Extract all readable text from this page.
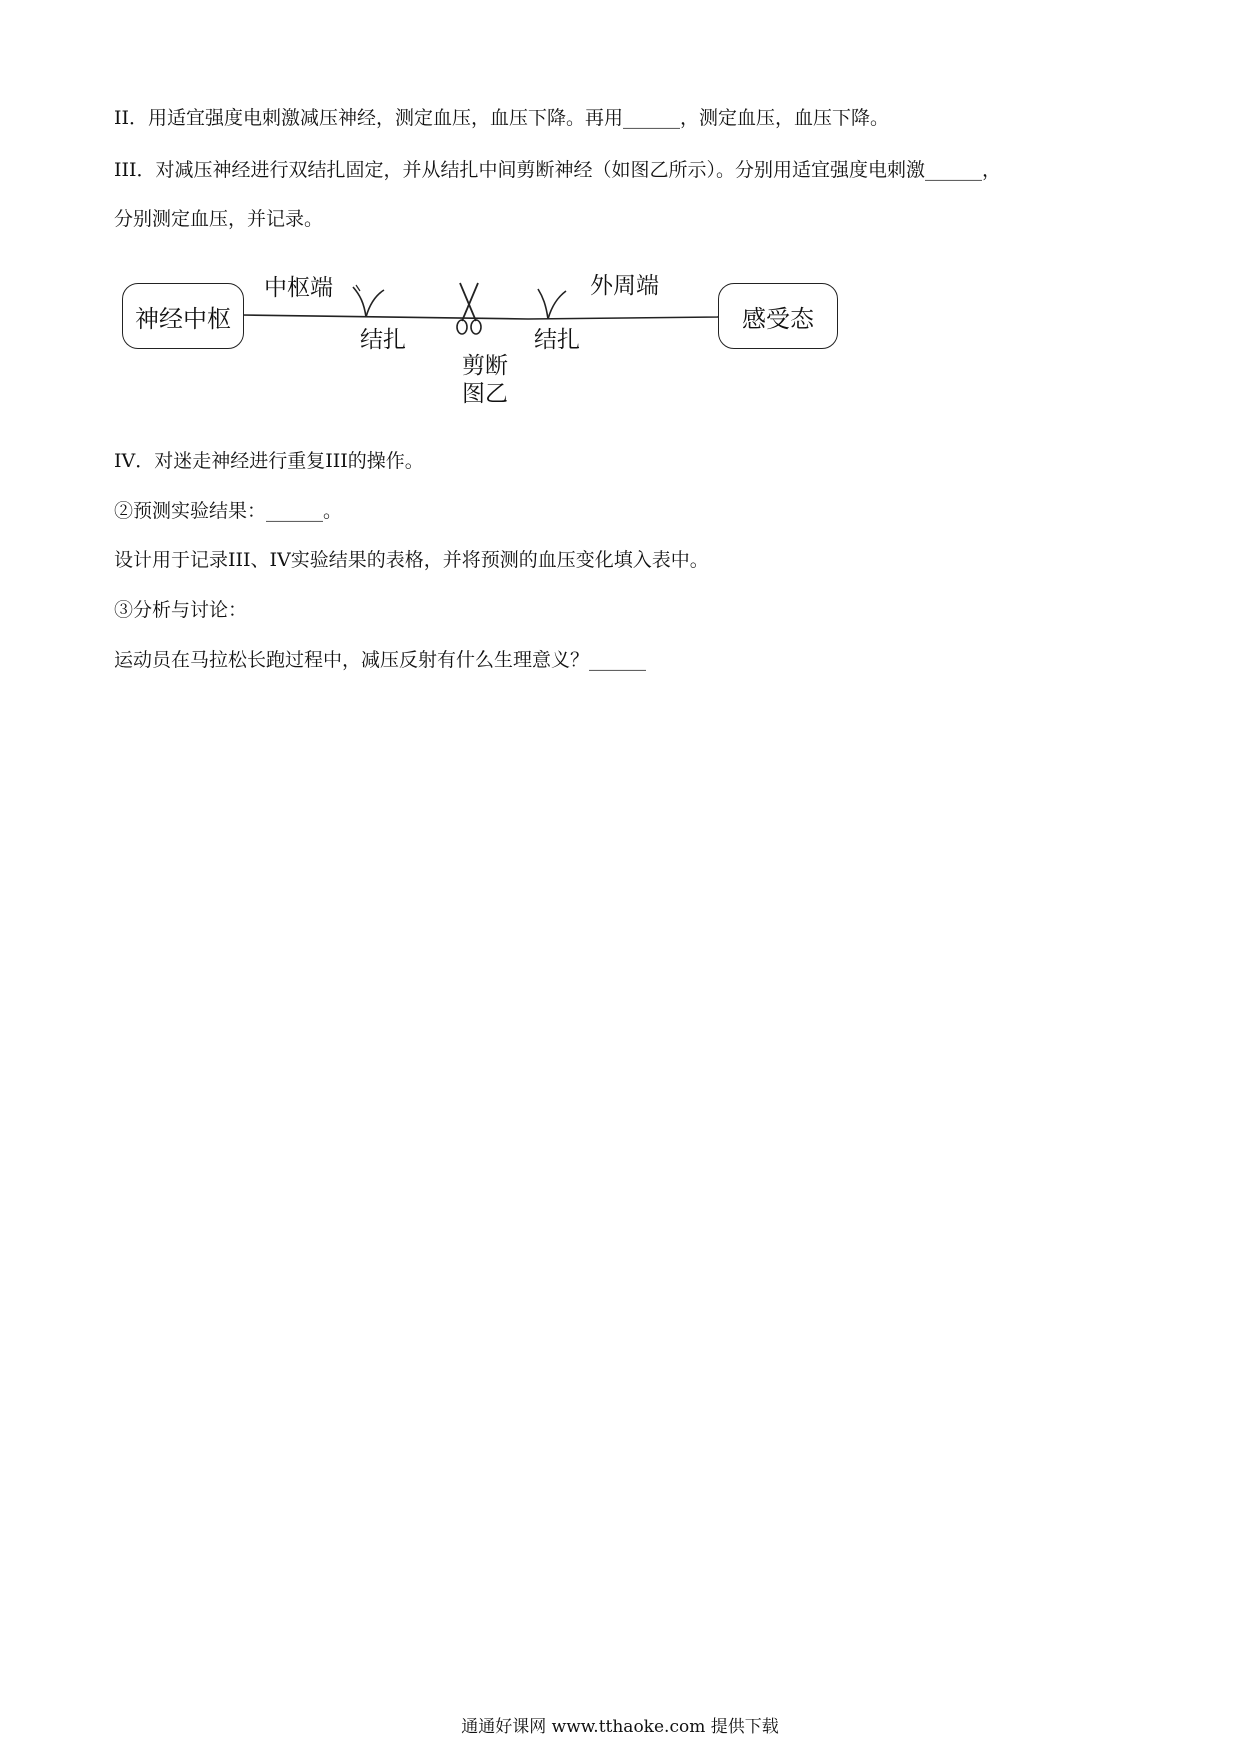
II．用适宜强度电刺激减压神经，测定血压，血压下降。再用______，测定血压，血压下降。

III．对减压神经进行双结扎固定，并从结扎中间剪断神经（如图乙所示）。分别用适宜强度电刺激______，

分别测定血压，并记录。

神经中枢	感受态
中枢端	外周端
结扎	结扎
剪断
图乙

IV．对迷走神经进行重复III的操作。

②预测实验结果：______。

设计用于记录III、IV实验结果的表格，并将预测的血压变化填入表中。

③分析与讨论：

运动员在马拉松长跑过程中，减压反射有什么生理意义？______

通通好课网 www.tthaoke.com 提供下载
